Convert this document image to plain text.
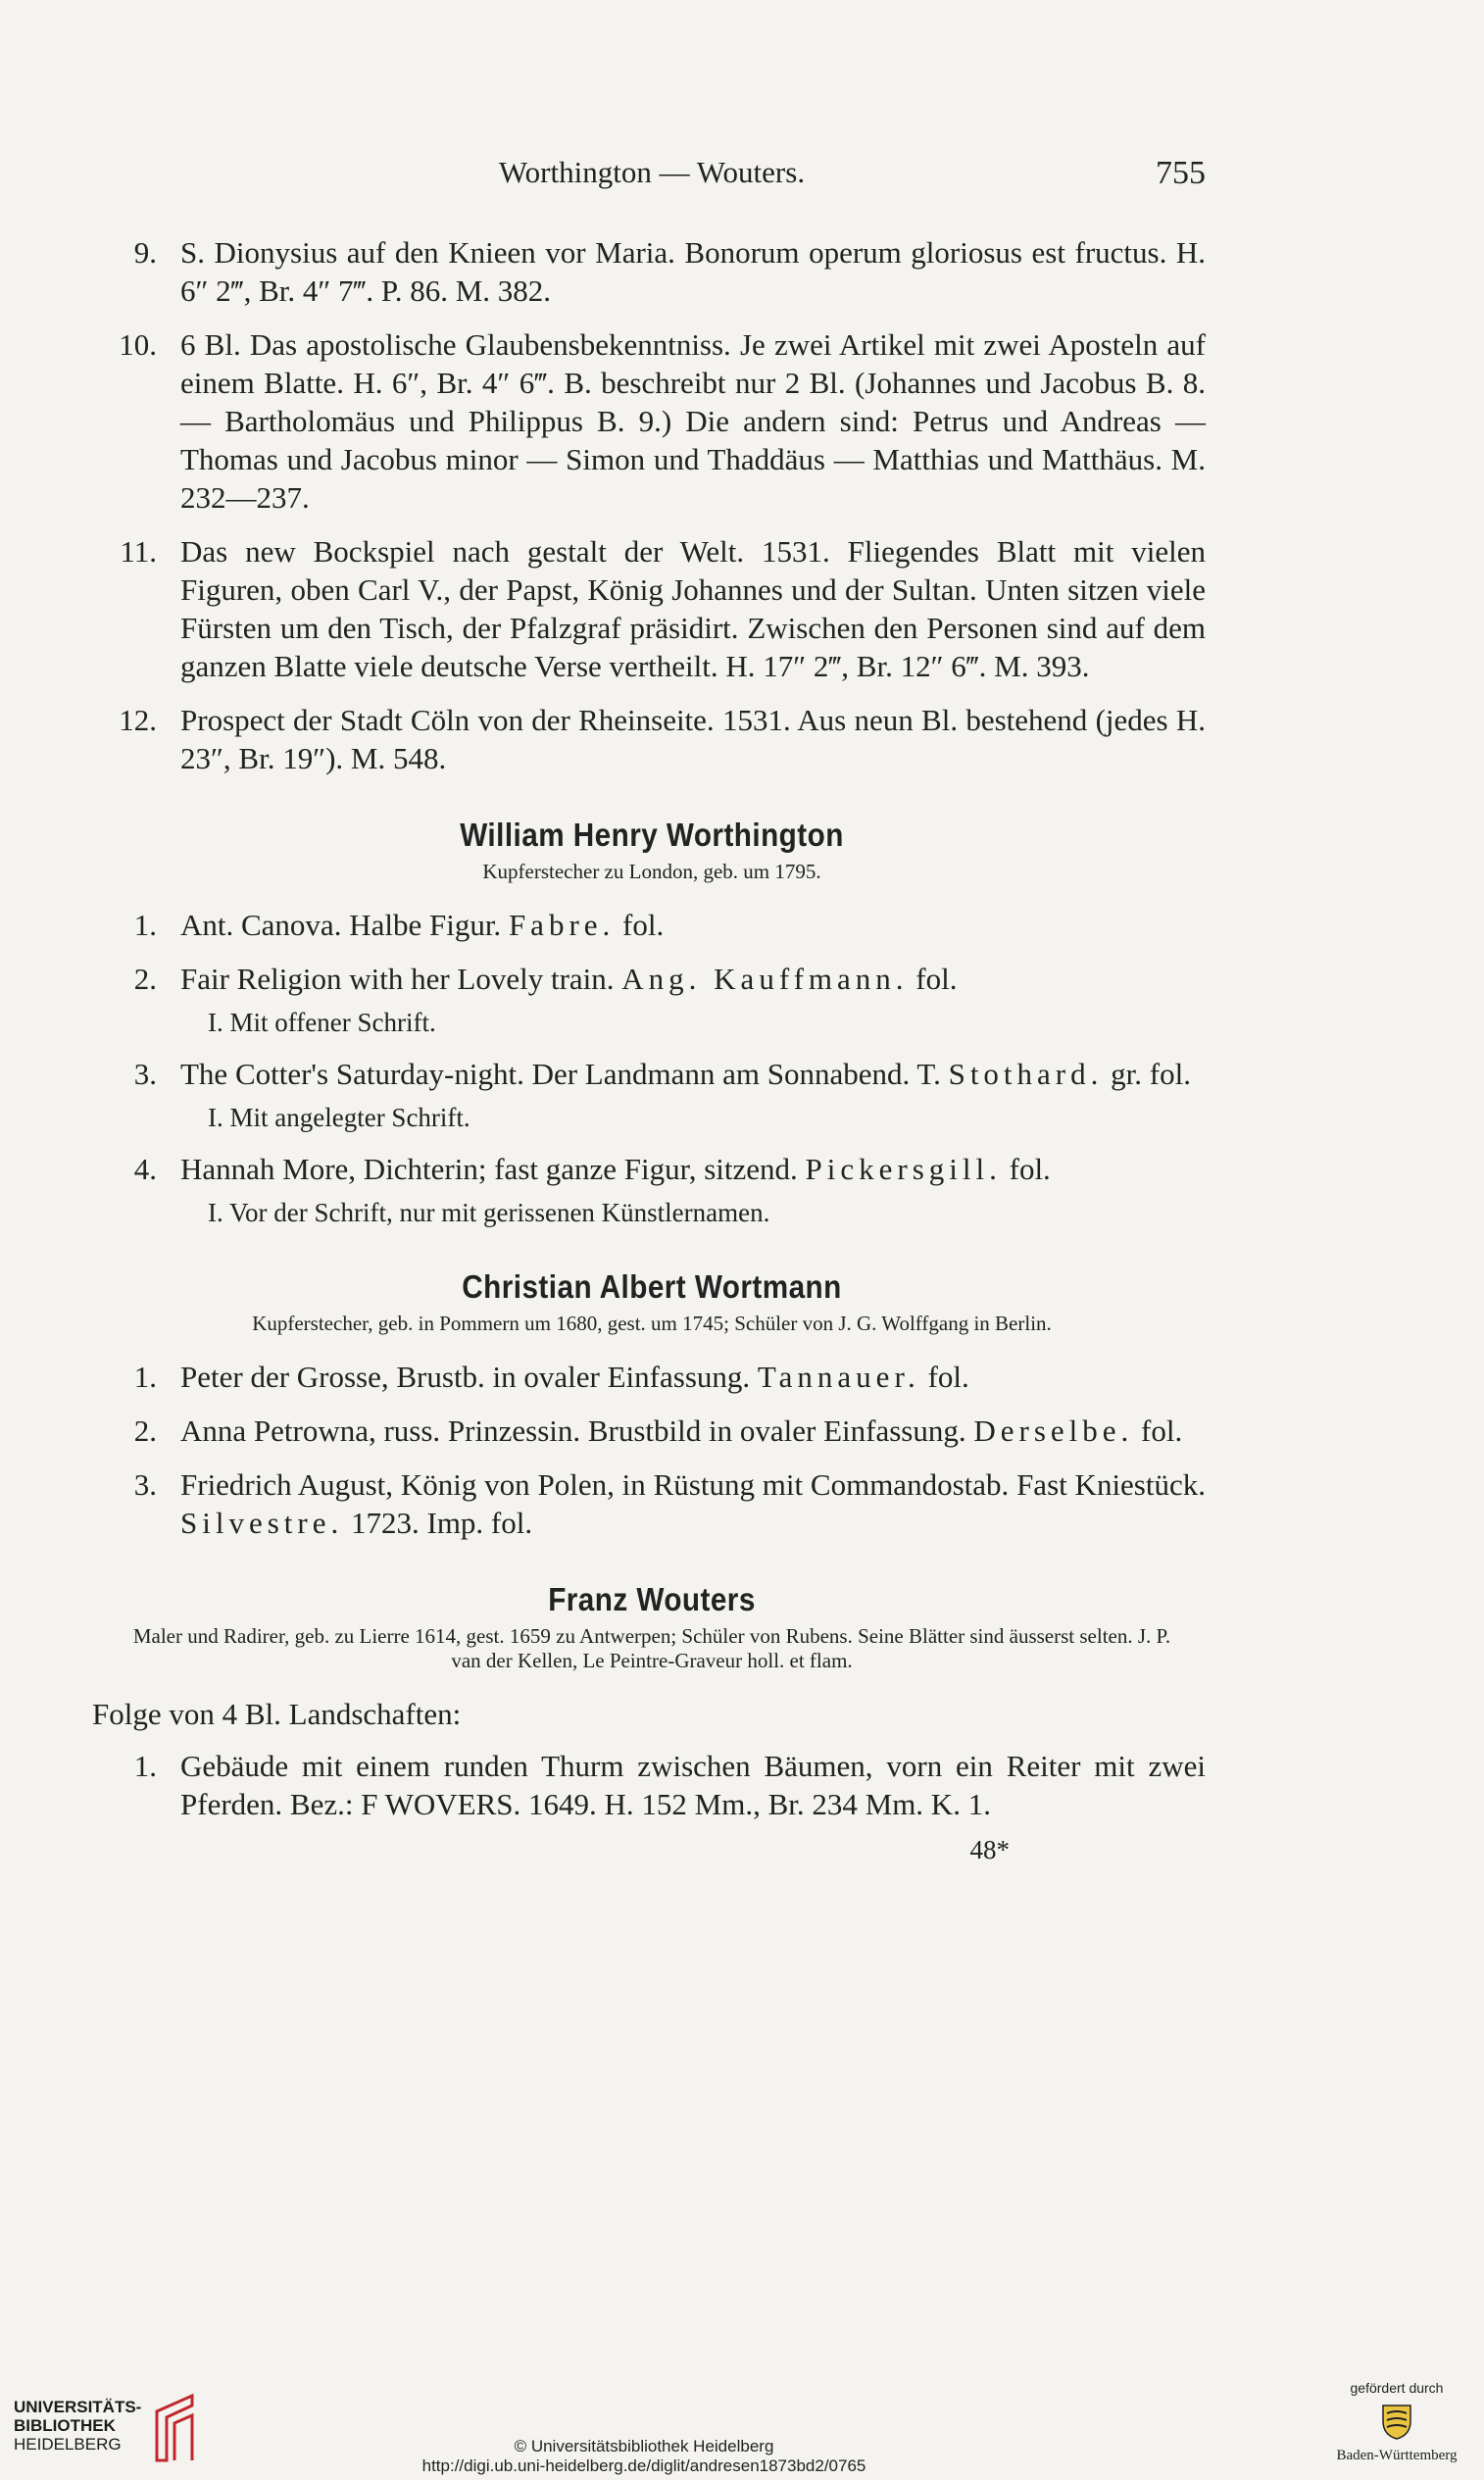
Worthington — Wouters.	755
9. S. Dionysius auf den Knieen vor Maria. Bonorum operum gloriosus est fructus. H. 6″ 2‴, Br. 4″ 7‴. P. 86. M. 382.
10. 6 Bl. Das apostolische Glaubensbekenntniss. Je zwei Artikel mit zwei Aposteln auf einem Blatte. H. 6″, Br. 4″ 6‴. B. beschreibt nur 2 Bl. (Johannes und Jacobus B. 8. — Bartholomäus und Philippus B. 9.) Die andern sind: Petrus und Andreas — Thomas und Jacobus minor — Simon und Thaddäus — Matthias und Matthäus. M. 232—237.
11. Das new Bockspiel nach gestalt der Welt. 1531. Fliegendes Blatt mit vielen Figuren, oben Carl V., der Papst, König Johannes und der Sultan. Unten sitzen viele Fürsten um den Tisch, der Pfalzgraf präsidirt. Zwischen den Personen sind auf dem ganzen Blatte viele deutsche Verse vertheilt. H. 17″ 2‴, Br. 12″ 6‴. M. 393.
12. Prospect der Stadt Cöln von der Rheinseite. 1531. Aus neun Bl. bestehend (jedes H. 23″, Br. 19″). M. 548.
William Henry Worthington
Kupferstecher zu London, geb. um 1795.
1. Ant. Canova. Halbe Figur. Fabre. fol.
2. Fair Religion with her Lovely train. Ang. Kauffmann. fol.
I. Mit offener Schrift.
3. The Cotter's Saturday-night. Der Landmann am Sonnabend. T. Stothard. gr. fol.
I. Mit angelegter Schrift.
4. Hannah More, Dichterin; fast ganze Figur, sitzend. Pickersgill. fol.
I. Vor der Schrift, nur mit gerissenen Künstlernamen.
Christian Albert Wortmann
Kupferstecher, geb. in Pommern um 1680, gest. um 1745; Schüler von J. G. Wolffgang in Berlin.
1. Peter der Grosse, Brustb. in ovaler Einfassung. Tannauer. fol.
2. Anna Petrowna, russ. Prinzessin. Brustbild in ovaler Einfassung. Derselbe. fol.
3. Friedrich August, König von Polen, in Rüstung mit Commandostab. Fast Kniestück. Silvestre. 1723. Imp. fol.
Franz Wouters
Maler und Radirer, geb. zu Lierre 1614, gest. 1659 zu Antwerpen; Schüler von Rubens. Seine Blätter sind äusserst selten. J. P. van der Kellen, Le Peintre-Graveur holl. et flam.
Folge von 4 Bl. Landschaften:
1. Gebäude mit einem runden Thurm zwischen Bäumen, vorn ein Reiter mit zwei Pferden. Bez.: F WOVERS. 1649. H. 152 Mm., Br. 234 Mm. K. 1.
48*
UNIVERSITÄTS-
BIBLIOTHEK
HEIDELBERG	© Universitätsbibliothek Heidelberg
http://digi.ub.uni-heidelberg.de/diglit/andresen1873bd2/0765
gefördert durch
Baden-Württemberg
